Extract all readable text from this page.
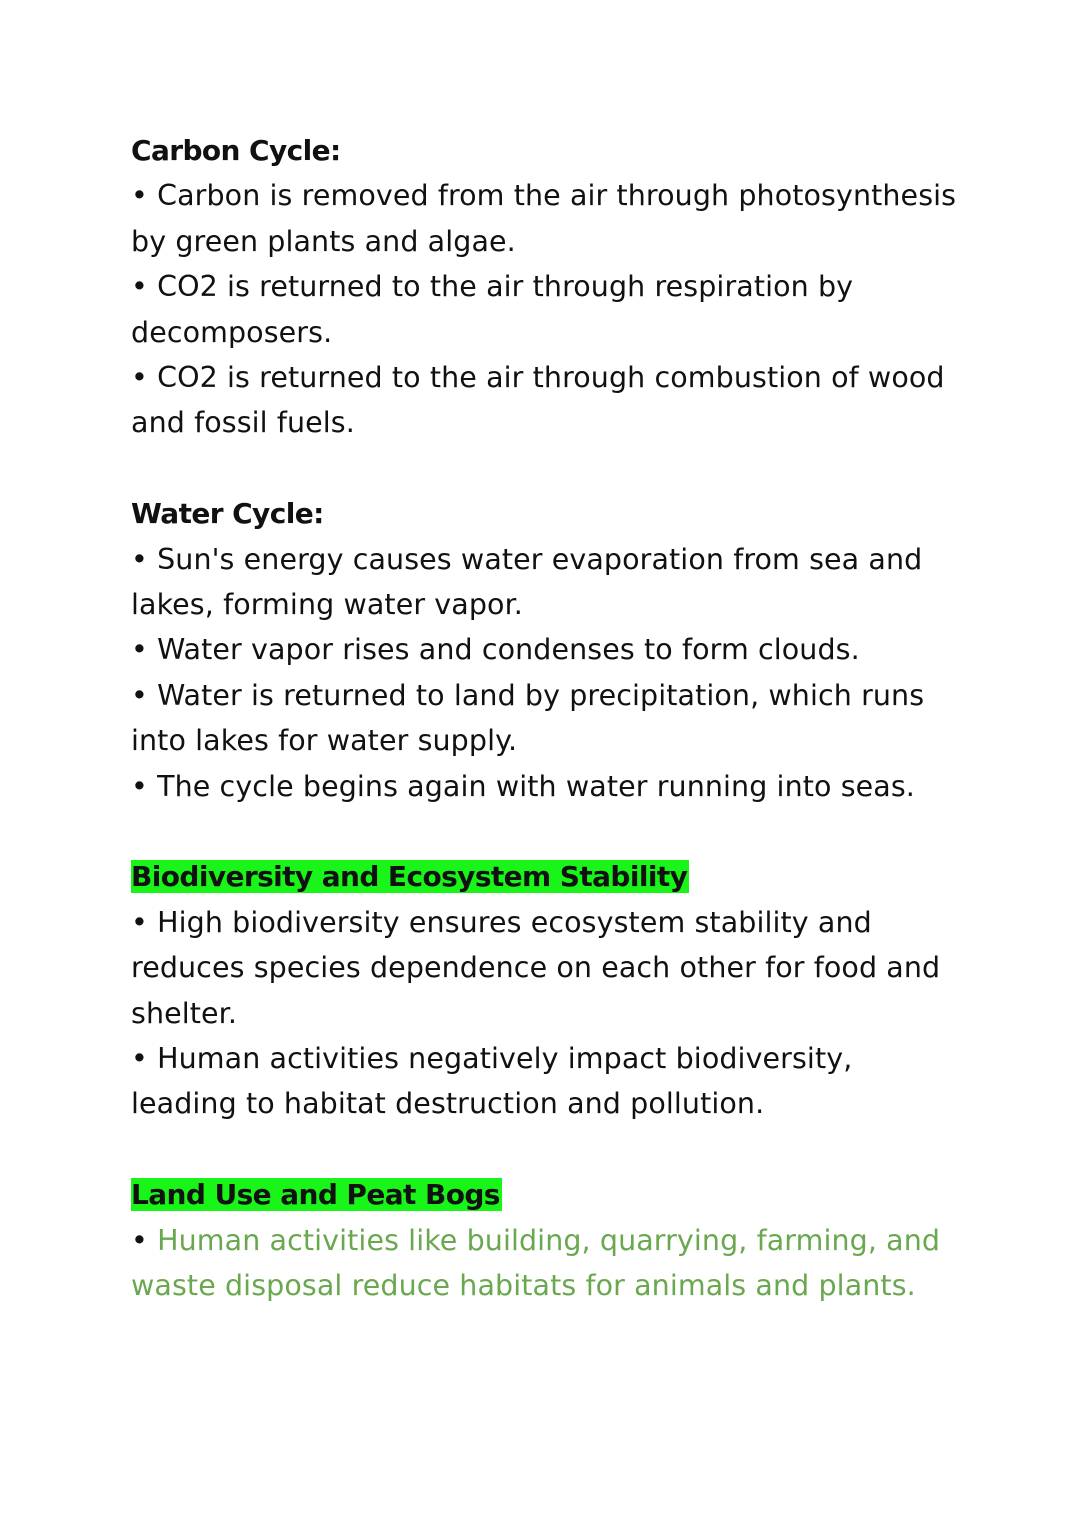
Carbon Cycle:

• Carbon is removed from the air through photosynthesis by green plants and algae.

• CO2 is returned to the air through respiration by decomposers.

• CO2 is returned to the air through combustion of wood and fossil fuels.

Water Cycle:

• Sun's energy causes water evaporation from sea and lakes, forming water vapor.

• Water vapor rises and condenses to form clouds.

• Water is returned to land by precipitation, which runs into lakes for water supply.

• The cycle begins again with water running into seas.

Biodiversity and Ecosystem Stability

• High biodiversity ensures ecosystem stability and reduces species dependence on each other for food and shelter.

• Human activities negatively impact biodiversity, leading to habitat destruction and pollution.

Land Use and Peat Bogs

• Human activities like building, quarrying, farming, and waste disposal reduce habitats for animals and plants.
